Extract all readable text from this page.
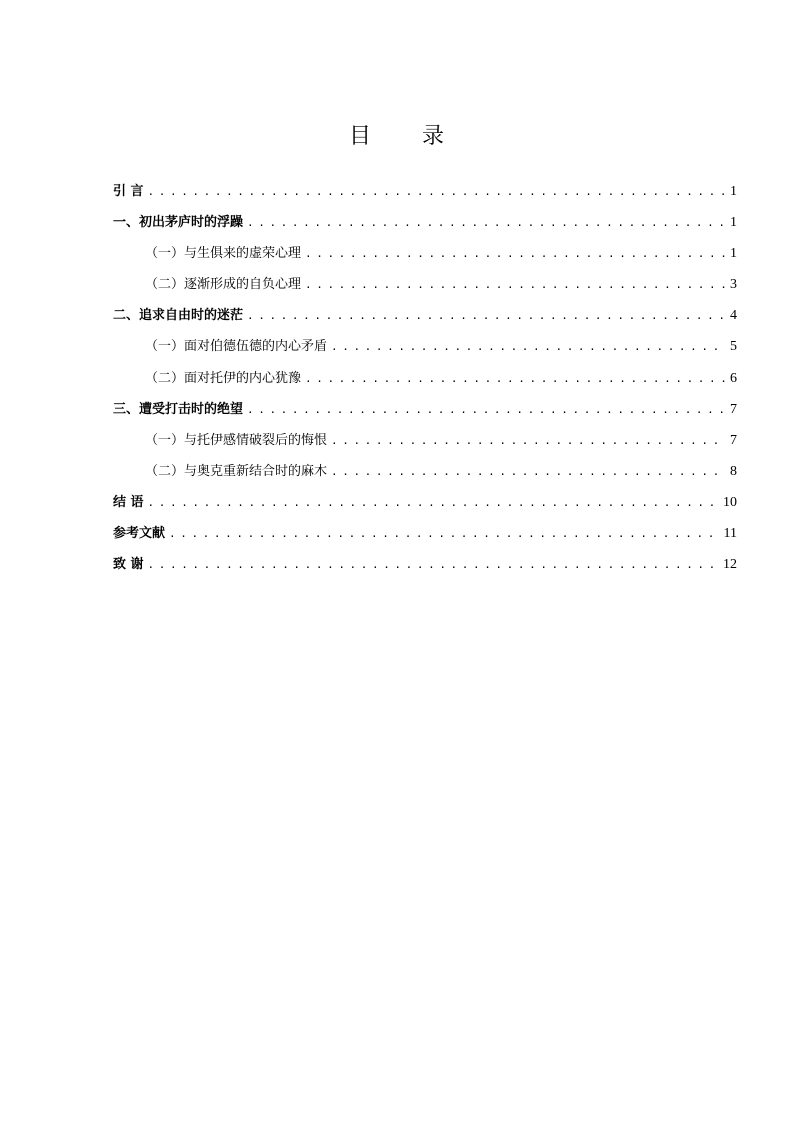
目 录
引 言 .....	1
一、初出茅庐时的浮躁 .....	1
（一）与生俱来的虚荣心理 .....	1
（二）逐渐形成的自负心理 .....	3
二、追求自由时的迷茫 .....	4
（一）面对伯德伍德的内心矛盾 .....	5
（二）面对托伊的内心犹豫 .....	6
三、遭受打击时的绝望 .....	7
（一）与托伊感情破裂后的悔恨 .....	7
（二）与奥克重新结合时的麻木 .....	8
结 语 .....	10
参考文献 .....	11
致 谢 .....	12
